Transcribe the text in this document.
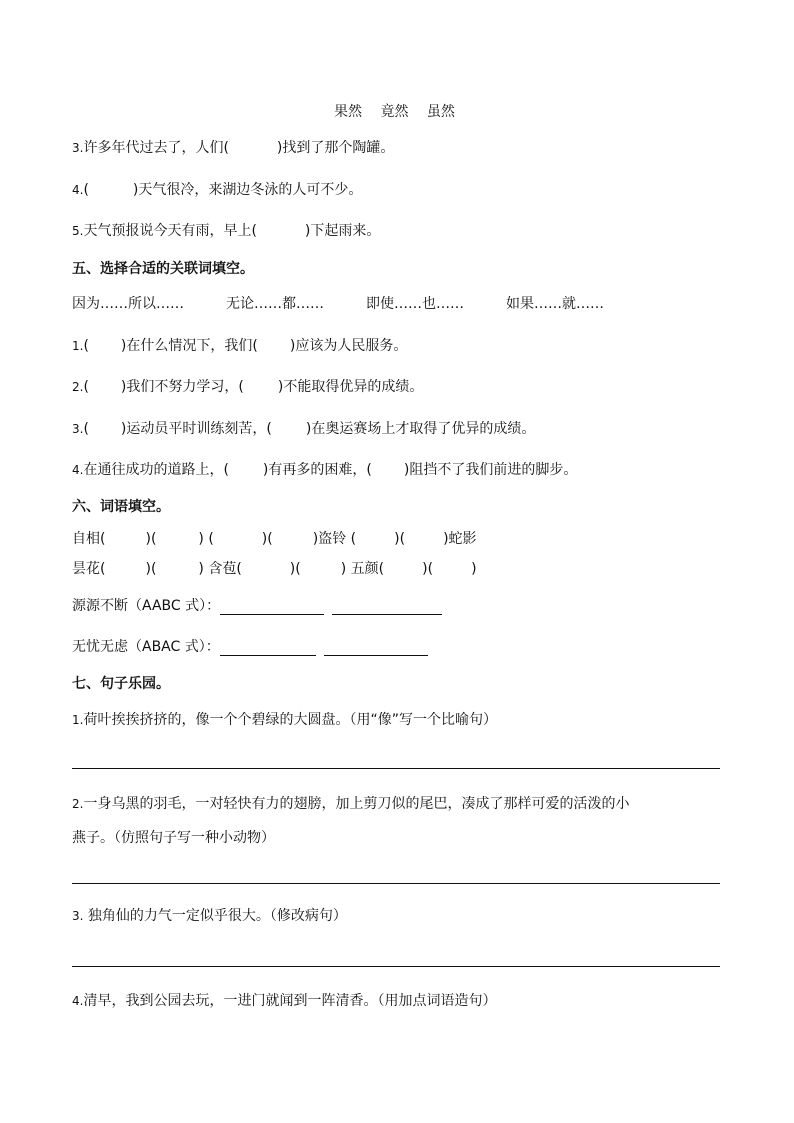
果然 竟然 虽然
3.许多年代过去了，人们 (  )	找到了那个陶罐。
4. (  )	天气很冷，来湖边冬泳的人可不少。
5.天气预报说今天有雨，早上 (  )	下起雨来。
五、选择合适的关联词填空。
因为……所以……	无论……都……	即使……也……	如果……就……
1. (  )	在什么情况下，我们 (  )	应该为人民服务。
2. (  )	我们不努力学习， (  )	不能取得优异的成绩。
3. (  )	运动员平时训练刻苦， (  )	在奥运赛场上才取得了优异的成绩。
4.在通往成功的道路上， (  )	有再多的困难， (  )	阻挡不了我们前进的脚步。
六、词语填空。
自相 (  ) (  ) (  ) (  )	盗铃 (  ) (  )	蛇影
昙花 (  ) (  )	含苞 (  ) (  )	五颜(  )(  )
源源不断（AABC 式）：
无忧无虑（ABAC 式）：
七、句子乐园。
1.荷叶挨挨挤挤的，像一个个碧绿的大圆盘。（用“像”写一个比喻句）
2.一身乌黑的羽毛，一对轻快有力的翅膀，加上剪刀似的尾巴，凑成了那样可爱的活泼的小
燕子。（仿照句子写一种小动物）
3. 独角仙的力气一定似乎很大。（修改病句）
4.清早，我到公园去玩，一进门就闻到一阵清香。（用加点词语造句）
